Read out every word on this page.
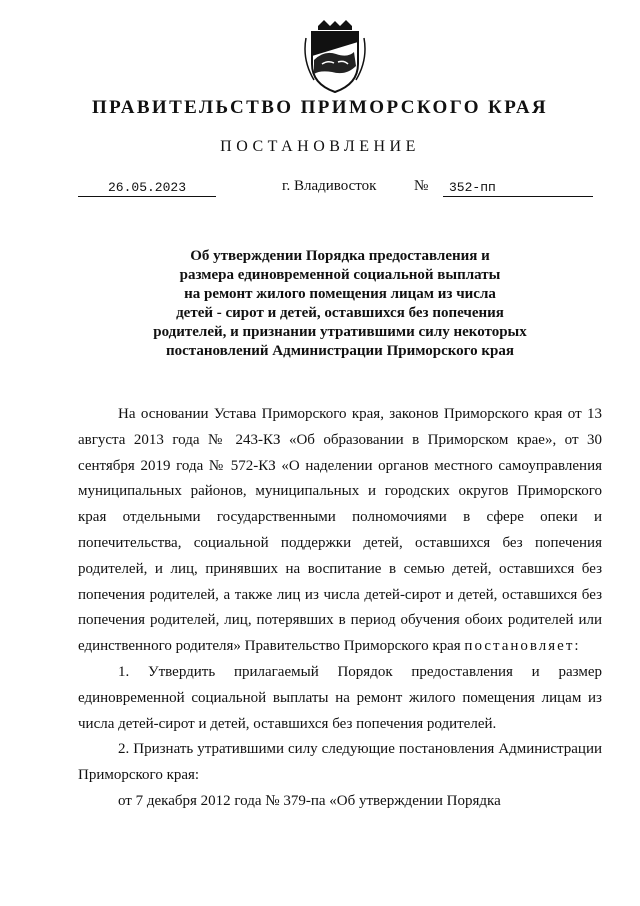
ПРАВИТЕЛЬСТВО ПРИМОРСКОГО КРАЯ
ПОСТАНОВЛЕНИЕ
26.05.2023	г. Владивосток	№	352-пп
Об утверждении Порядка предоставления и
размера единовременной социальной выплаты
на ремонт жилого помещения лицам из числа
детей - сирот и детей, оставшихся без попечения
родителей, и признании утратившими силу некоторых
постановлений Администрации Приморского края

На основании Устава Приморского края, законов Приморского края от 13 августа 2013 года № 243-КЗ «Об образовании в Приморском крае», от 30 сентября 2019 года № 572-КЗ «О наделении органов местного самоуправления муниципальных районов, муниципальных и городских округов Приморского края отдельными государственными полномочиями в сфере опеки и попечительства, социальной поддержки детей, оставшихся без попечения родителей, и лиц, принявших на воспитание в семью детей, оставшихся без попечения родителей, а также лиц из числа детей-сирот и детей, оставшихся без попечения родителей, лиц, потерявших в период обучения обоих родителей или единственного родителя» Правительство Приморского края постановляет:

1. Утвердить прилагаемый Порядок предоставления и размер единовременной социальной выплаты на ремонт жилого помещения лицам из числа детей-сирот и детей, оставшихся без попечения родителей.

2. Признать утратившими силу следующие постановления Администрации Приморского края:

от 7 декабря 2012 года № 379-па «Об утверждении Порядка
